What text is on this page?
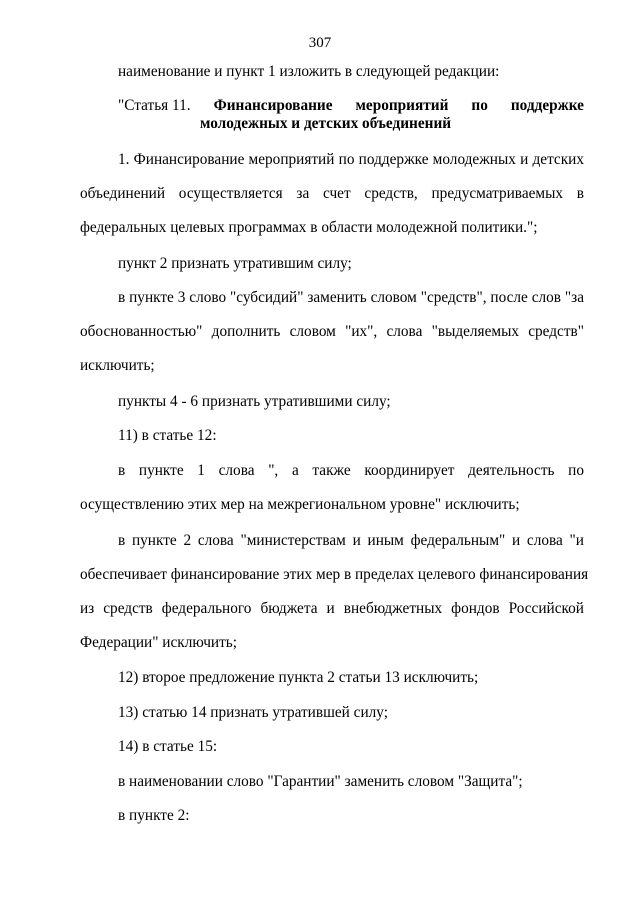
307
наименование и пункт 1 изложить в следующей редакции:
"Статья 11. Финансирование мероприятий по поддержке
молодежных и детских объединений
1. Финансирование мероприятий по поддержке молодежных и детских
объединений осуществляется за счет средств, предусматриваемых в
федеральных целевых программах в области молодежной политики.";
пункт 2 признать утратившим силу;
в пункте 3 слово "субсидий" заменить словом "средств", после слов "за
обоснованностью" дополнить словом "их", слова "выделяемых средств"
исключить;
пункты 4 - 6 признать утратившими силу;
11) в статье 12:
в пункте 1 слова ", а также координирует деятельность по
осуществлению этих мер на межрегиональном уровне" исключить;
в пункте 2 слова "министерствам и иным федеральным" и слова "и
обеспечивает финансирование этих мер в пределах целевого финансирования
из средств федерального бюджета и внебюджетных фондов Российской
Федерации" исключить;
12) второе предложение пункта 2 статьи 13 исключить;
13) статью 14 признать утратившей силу;
14) в статье 15:
в наименовании слово "Гарантии" заменить словом "Защита";
в пункте 2:
